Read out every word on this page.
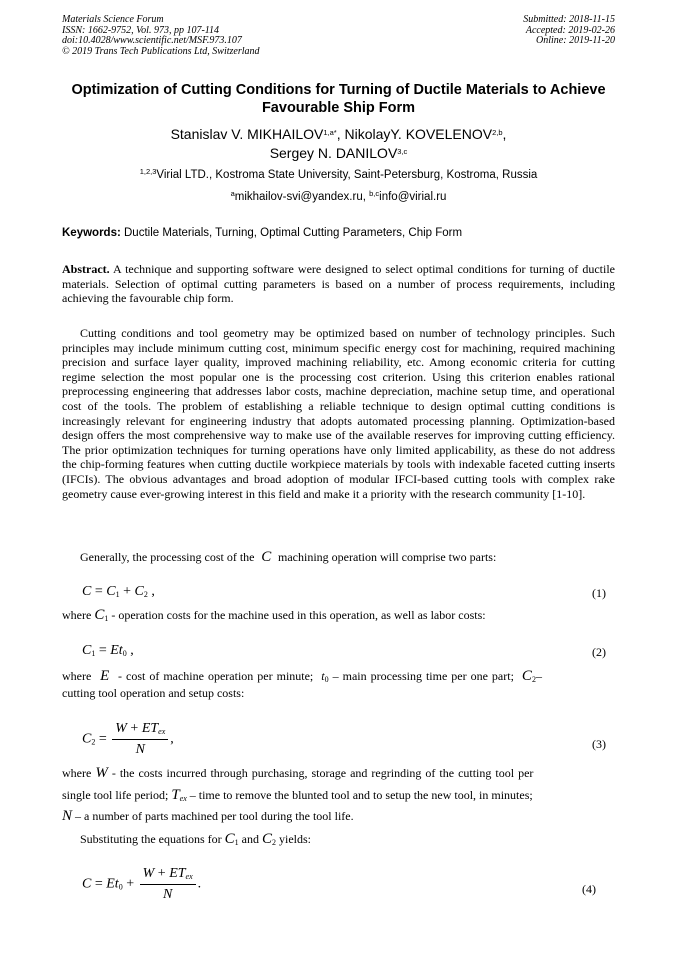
Materials Science Forum
ISSN: 1662-9752, Vol. 973, pp 107-114
doi:10.4028/www.scientific.net/MSF.973.107
© 2019 Trans Tech Publications Ltd, Switzerland
Submitted: 2018-11-15
Accepted: 2019-02-26
Online: 2019-11-20
Optimization of Cutting Conditions for Turning of Ductile Materials to Achieve Favourable Ship Form
Stanislav V. $MIKHAILOV^{1,a*}$, NikolayY. KOVELENOV$^{2,b}$,
Sergey N. DANILOV$^{3,c}$
$^{1,2,3}$Virial LTD., Kostroma State University, Saint-Petersburg, Kostroma, Russia
$^a$mikhailov-svi@yandex.ru, $^{b,c}$info@virial.ru
Keywords: Ductile Materials, Turning, Optimal Cutting Parameters, Chip Form
Abstract. A technique and supporting software were designed to select optimal conditions for turning of ductile materials. Selection of optimal cutting parameters is based on a number of process requirements, including achieving the favourable chip form.

Cutting conditions and tool geometry may be optimized based on number of technology principles. Such principles may include minimum cutting cost, minimum specific energy cost for machining, required machining precision and surface layer quality, improved machining reliability, etc. Among economic criteria for cutting regime selection the most popular one is the processing cost criterion. Using this criterion enables rational preprocessing engineering that addresses labor costs, machine depreciation, machine setup time, and operational cost of the tools. The problem of establishing a reliable technique to design optimal cutting conditions is increasingly relevant for engineering industry that adopts automated processing planning. Optimization-based design offers the most comprehensive way to make use of the available reserves for improving cutting efficiency. The prior optimization techniques for turning operations have only limited applicability, as these do not address the chip-forming features when cutting ductile workpiece materials by tools with indexable faceted cutting inserts (IFCIs). The obvious advantages and broad adoption of modular IFCI-based cutting tools with complex rake geometry cause ever-growing interest in this field and make it a priority with the research community [1-10].

Generally, the processing cost of the  C  machining operation will comprise two parts:
$C = C_1 + C_2$ ,	(1)
where $C_1$ - operation costs for the machine used in this operation, as well as labor costs:
$C_1 = Et_0$ ,	(2)
where  E  - cost of machine operation per minute; $t_0$ – main processing time per one part; $C_2-$
cutting tool operation and setup costs:
$C_2 = \frac{W + ET_{ex}}{N}$ ,	(3)
where W - the costs incurred through purchasing, storage and regrinding of the cutting tool per
single tool life period; $T_{ex}$ – time to remove the blunted tool and to setup the new tool, in minutes;
N – a number of parts machined per tool during the tool life.
Substituting the equations for $C_1$ and $C_2$ yields:
$C = Et_0 + \frac{W + ET_{ex}}{N}$ .	(4)
